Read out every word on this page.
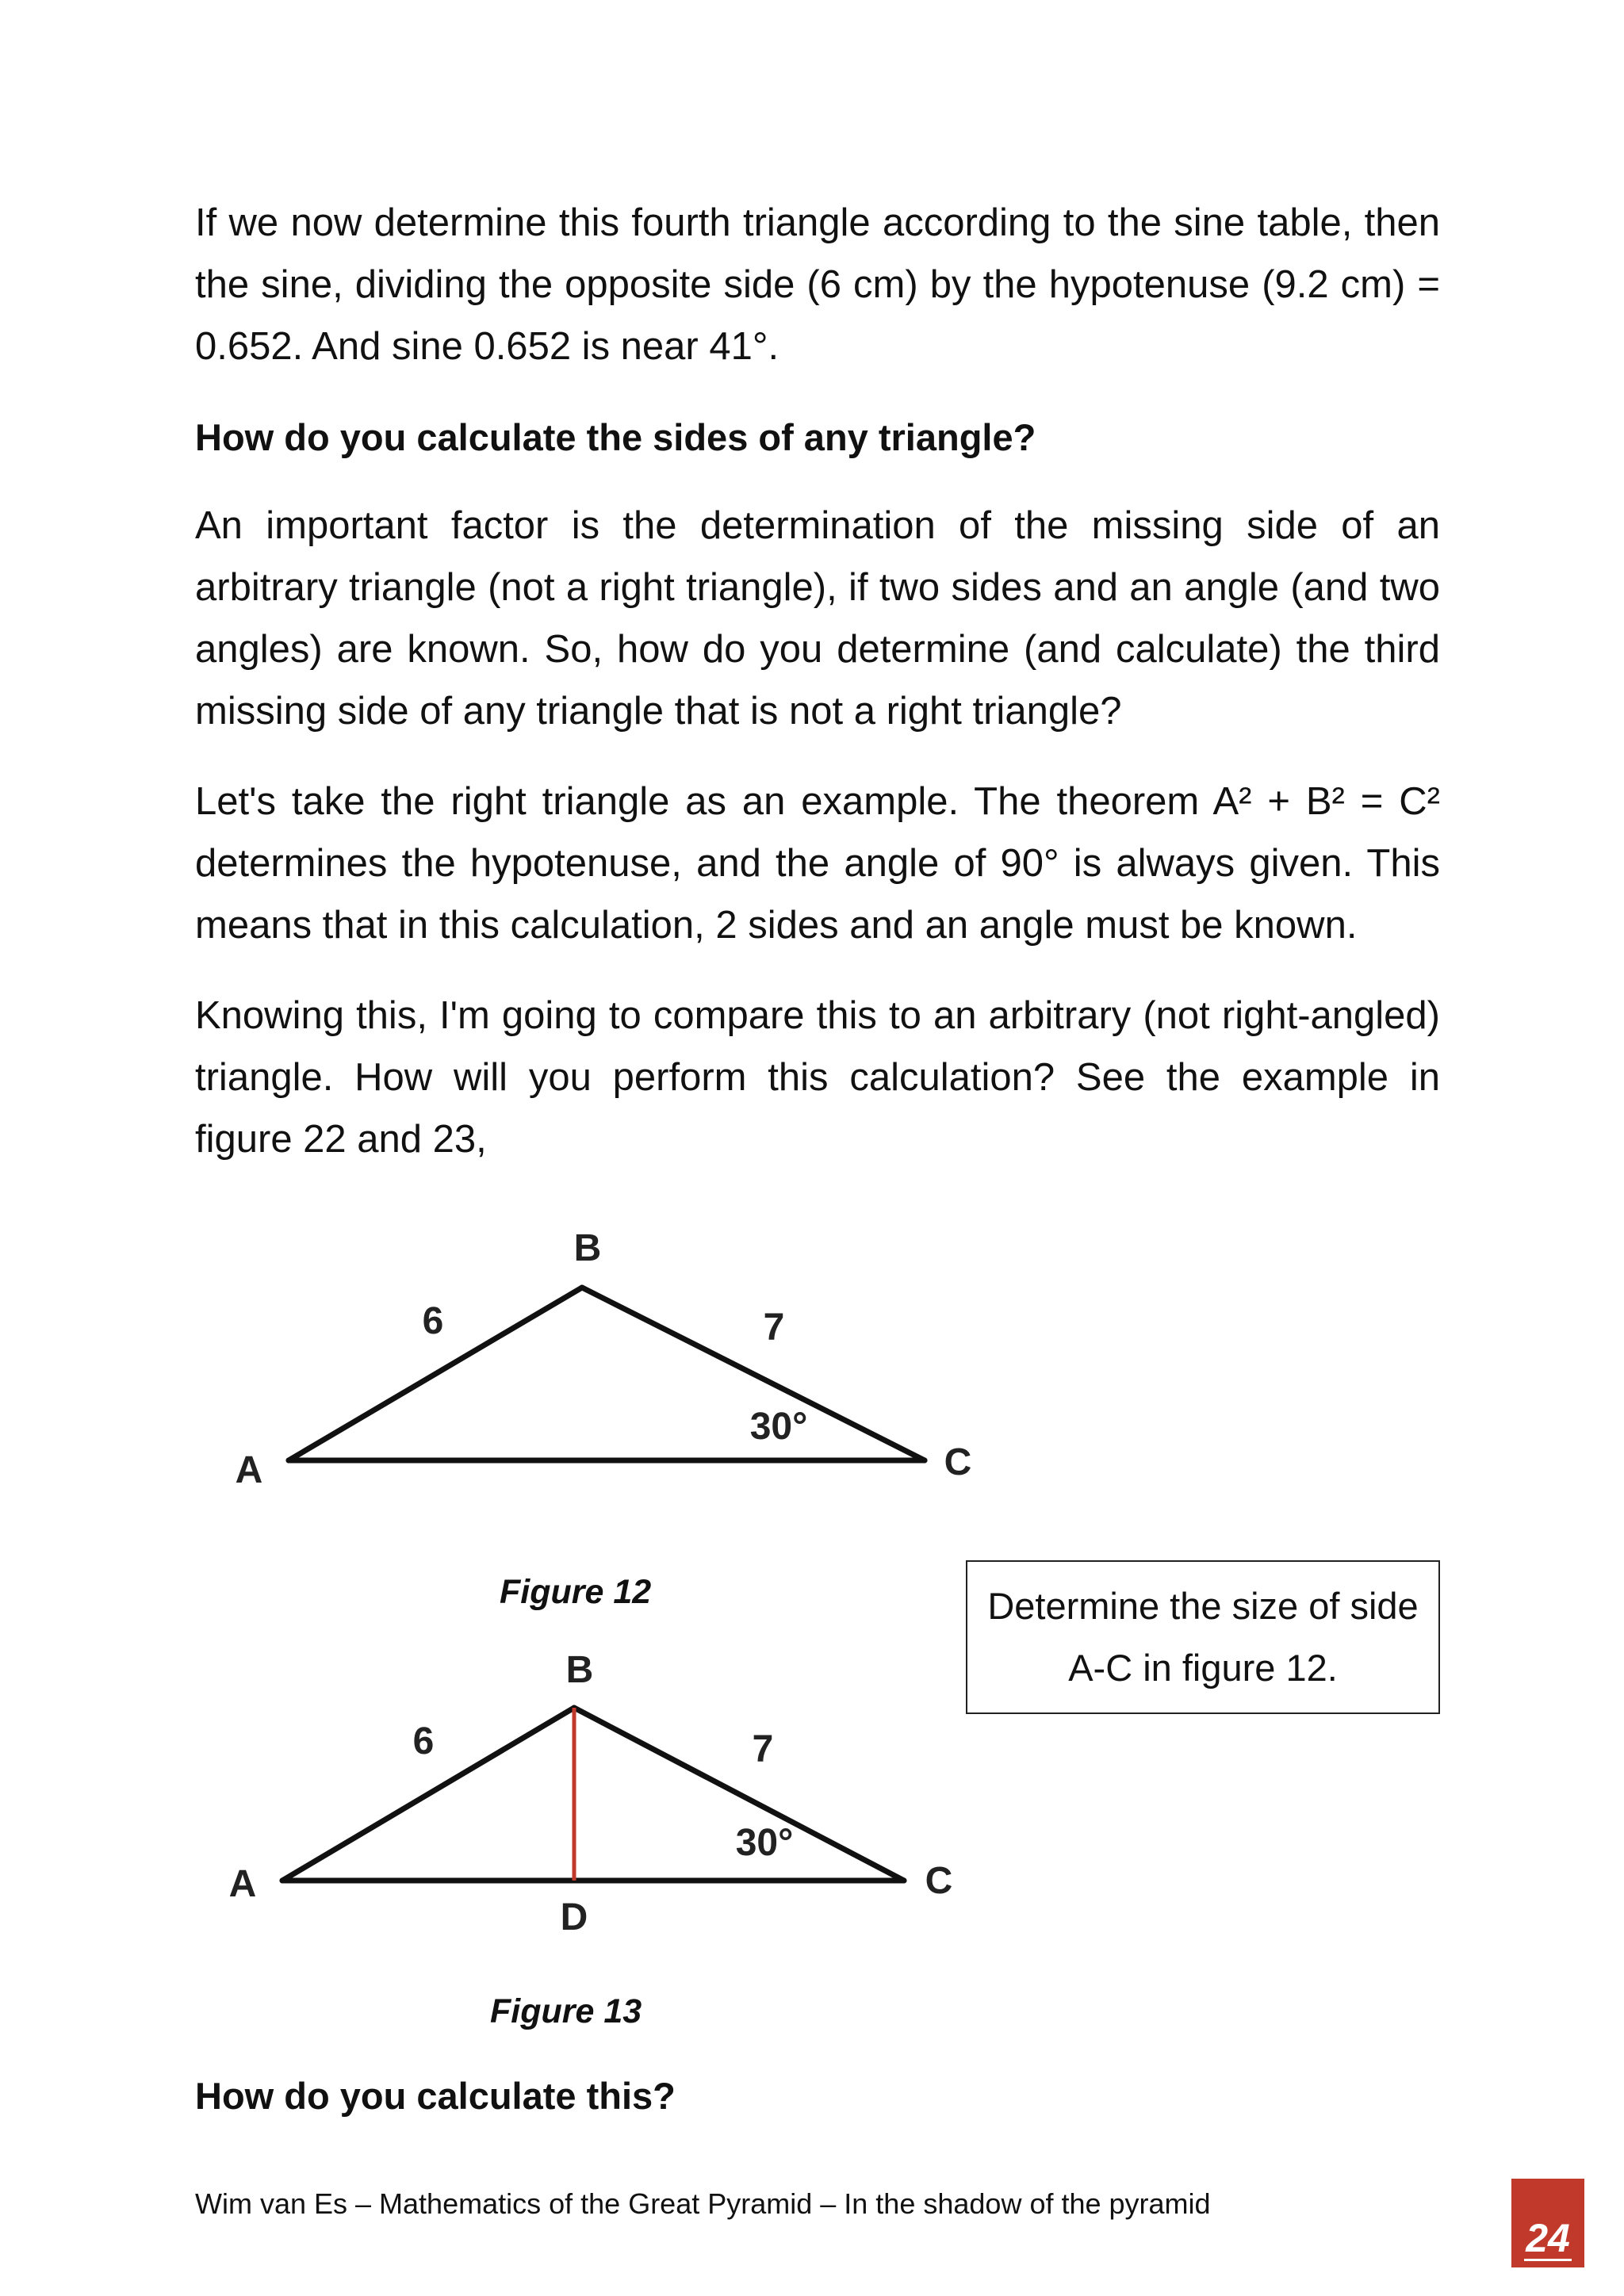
If we now determine this fourth triangle according to the sine table, then the sine, dividing the opposite side (6 cm) by the hypotenuse (9.2 cm) = 0.652. And sine 0.652 is near 41°.

How do you calculate the sides of any triangle?

An important factor is the determination of the missing side of an arbitrary triangle (not a right triangle), if two sides and an angle (and two angles) are known. So, how do you determine (and calculate) the third missing side of any triangle that is not a right triangle?

Let's take the right triangle as an example. The theorem A² + B² = C² determines the hypotenuse, and the angle of 90° is always given. This means that in this calculation, 2 sides and an angle must be known.

Knowing this, I'm going to compare this to an arbitrary (not right-angled) triangle. How will you perform this calculation? See the example in figure 22 and 23,

B
A	C
6	7
30°
Figure 12	Determine the size of side A-C in figure 12.
B
A	C
D
6	7
30°
Figure 13

How do you calculate this?

Wim van Es – Mathematics of the Great Pyramid – In the shadow of the pyramid
24
